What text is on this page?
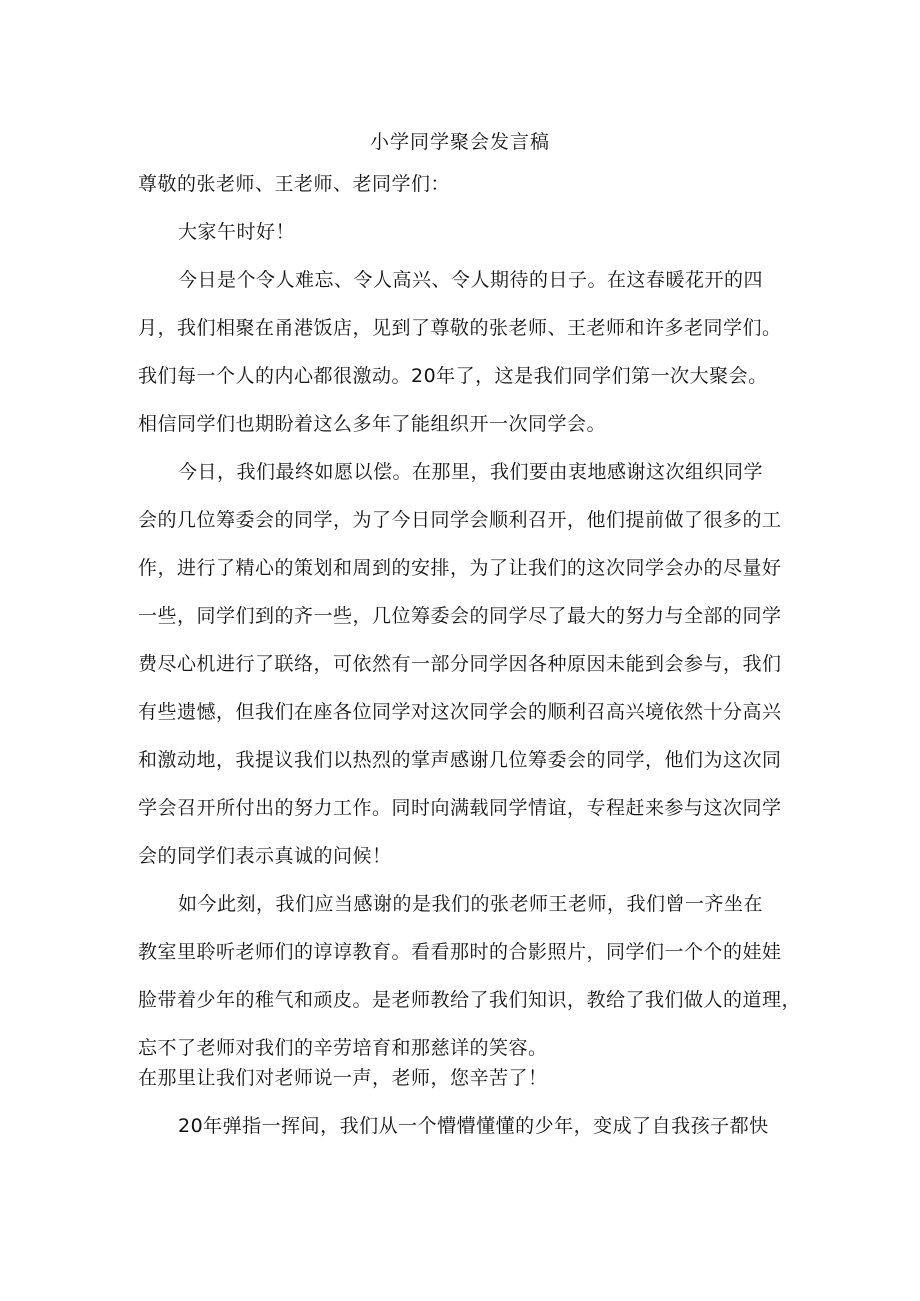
小学同学聚会发言稿
尊敬的张老师、王老师、老同学们：
大家午时好！
今日是个令人难忘、令人高兴、令人期待的日子。在这春暖花开的四
月，我们相聚在甬港饭店，见到了尊敬的张老师、王老师和许多老同学们。
我们每一个人的内心都很激动。20年了，这是我们同学们第一次大聚会。
相信同学们也期盼着这么多年了能组织开一次同学会。
今日，我们最终如愿以偿。在那里，我们要由衷地感谢这次组织同学
会的几位筹委会的同学，为了今日同学会顺利召开，他们提前做了很多的工
作，进行了精心的策划和周到的安排，为了让我们的这次同学会办的尽量好
一些，同学们到的齐一些，几位筹委会的同学尽了最大的努力与全部的同学
费尽心机进行了联络，可依然有一部分同学因各种原因未能到会参与，我们
有些遗憾，但我们在座各位同学对这次同学会的顺利召高兴境依然十分高兴
和激动地，我提议我们以热烈的掌声感谢几位筹委会的同学，他们为这次同
学会召开所付出的努力工作。同时向满载同学情谊，专程赶来参与这次同学
会的同学们表示真诚的问候！
如今此刻，我们应当感谢的是我们的张老师王老师，我们曾一齐坐在
教室里聆听老师们的谆谆教育。看看那时的合影照片，同学们一个个的娃娃
脸带着少年的稚气和顽皮。是老师教给了我们知识，教给了我们做人的道理，
忘不了老师对我们的辛劳培育和那慈详的笑容。
在那里让我们对老师说一声，老师，您辛苦了！
20年弹指一挥间，我们从一个懵懵懂懂的少年，变成了自我孩子都快
